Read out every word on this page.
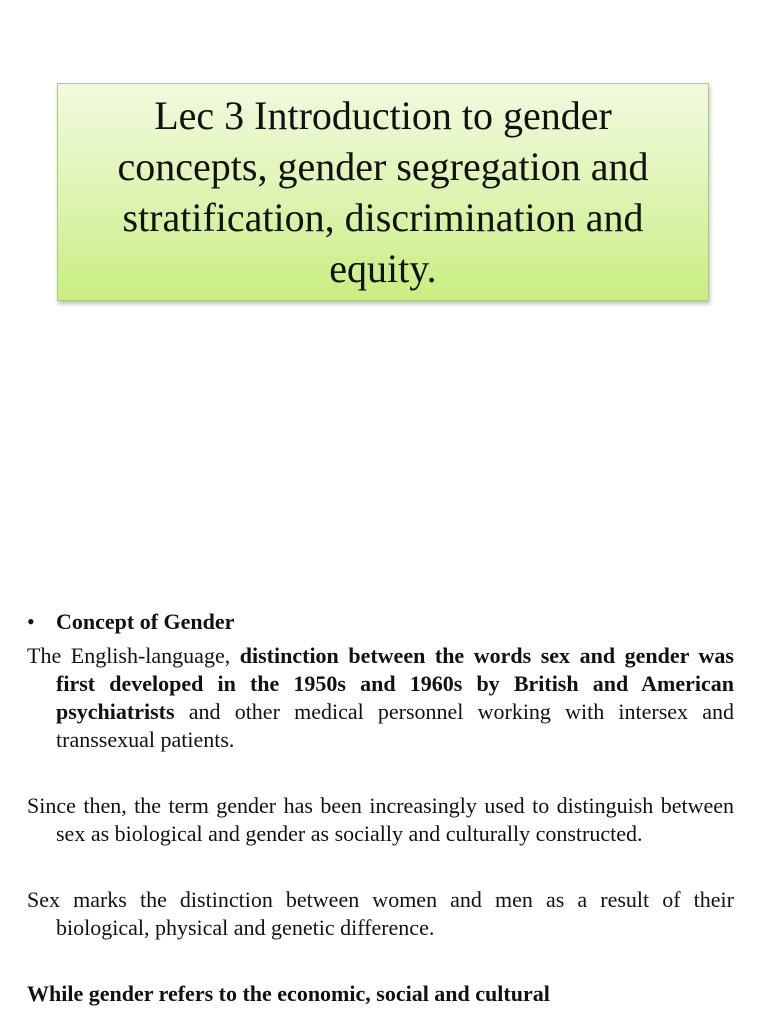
Lec 3 Introduction to gender concepts, gender segregation and stratification, discrimination and equity.
• Concept of Gender

The English-language, distinction between the words sex and gender was first developed in the 1950s and 1960s by British and American psychiatrists and other medical personnel working with intersex and transsexual patients.

Since then, the term gender has been increasingly used to distinguish between sex as biological and gender as socially and culturally constructed.

Sex marks the distinction between women and men as a result of their biological, physical and genetic difference.

While gender refers to the economic, social and cultural
